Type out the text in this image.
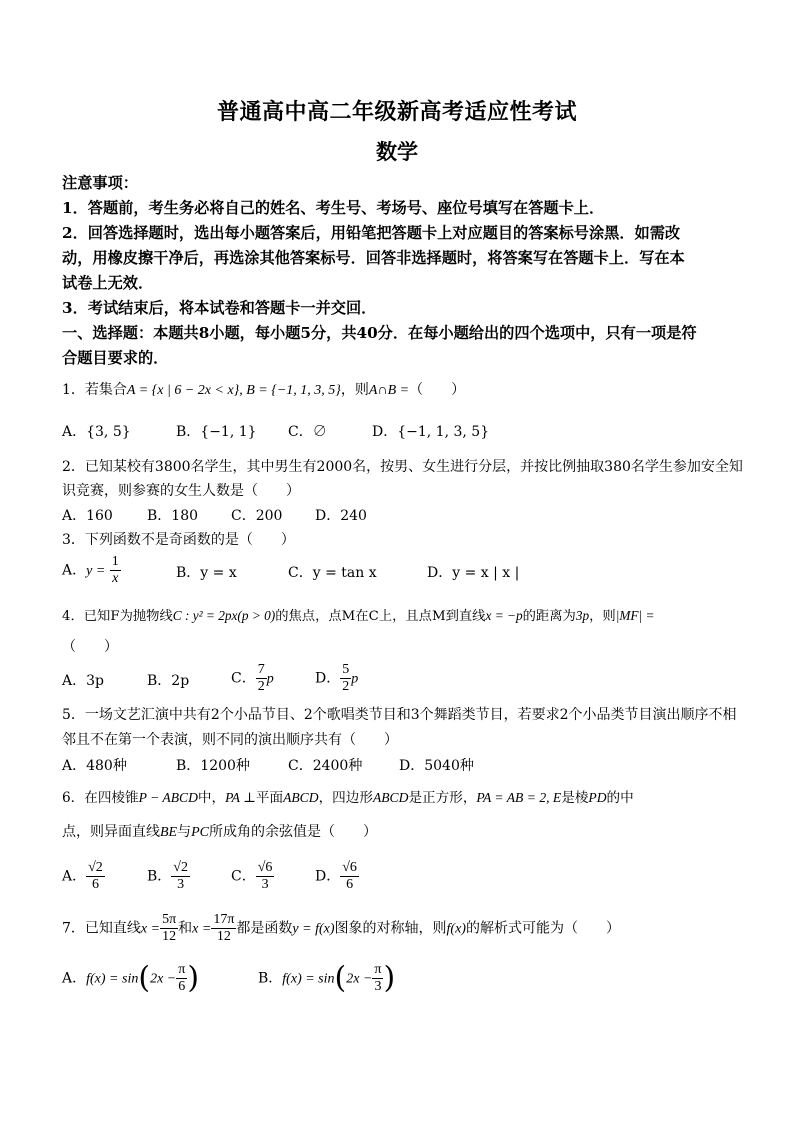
普通高中高二年级新高考适应性考试
数学
注意事项：
1．答题前，考生务必将自己的姓名、考生号、考场号、座位号填写在答题卡上．
2．回答选择题时，选出每小题答案后，用铅笔把答题卡上对应题目的答案标号涂黑．如需改
动，用橡皮擦干净后，再选涂其他答案标号．回答非选择题时，将答案写在答题卡上．写在本
试卷上无效．
3．考试结束后，将本试卷和答题卡一并交回．
一、选择题：本题共8小题，每小题5分，共40分．在每小题给出的四个选项中，只有一项是符
合题目要求的．
1．若集合A = {x | 6 − 2x < x}, B = {−1, 1, 3, 5}，则A∩B =（　　）
A．{3, 5}	B．{−1, 1} C．∅	D．{−1, 1, 3, 5}
2．已知某校有3800名学生，其中男生有2000名，按男、女生进行分层，并按比例抽取380名学生参加安全知
识竞赛，则参赛的女生人数是（　　）
A．160 B．180 C．200 D．240
3．下列函数不是奇函数的是（　　）
A．$y = \frac{1}{x}$	B．y = x	C．y = tan x	D．y = x | x |
4．已知F为抛物线C : y² = 2px(p > 0)的焦点，点M在C上，且点M到直线x = −p的距离为3p，则|MF| =
（　　）
A．3p	B．2p	C． $\frac{7}{2}$ p	D． $\frac{5}{2}$ p
5．一场文艺汇演中共有2个小品节目、2个歌唱类节目和3个舞蹈类节目，若要求2个小品类节目演出顺序不相
邻且不在第一个表演，则不同的演出顺序共有（　　）
A．480种	B．1200种	C．2400种	D．5040种
6．在四棱锥P − ABCD中，PA ⊥平面ABCD，四边形ABCD是正方形，PA = AB = 2, E是棱PD的中
点，则异面直线BE与PC所成角的余弦值是（　　）
A． $\frac{√2}{6}$	B． $\frac{√2}{3}$	C． $\frac{√6}{3}$	D． $\frac{√6}{6}$
7．已知直线$x = \frac{5\pi}{12}$ 和$x = \frac{17\pi}{12}$ 都是函数y = f(x)图象的对称轴，则f(x)的解析式可能为（　　）
A．$f(x) = \sin(2x - \frac{\pi}{6}$ )	B．$f(x) = \sin(2x - \frac{\pi}{3}$ )
